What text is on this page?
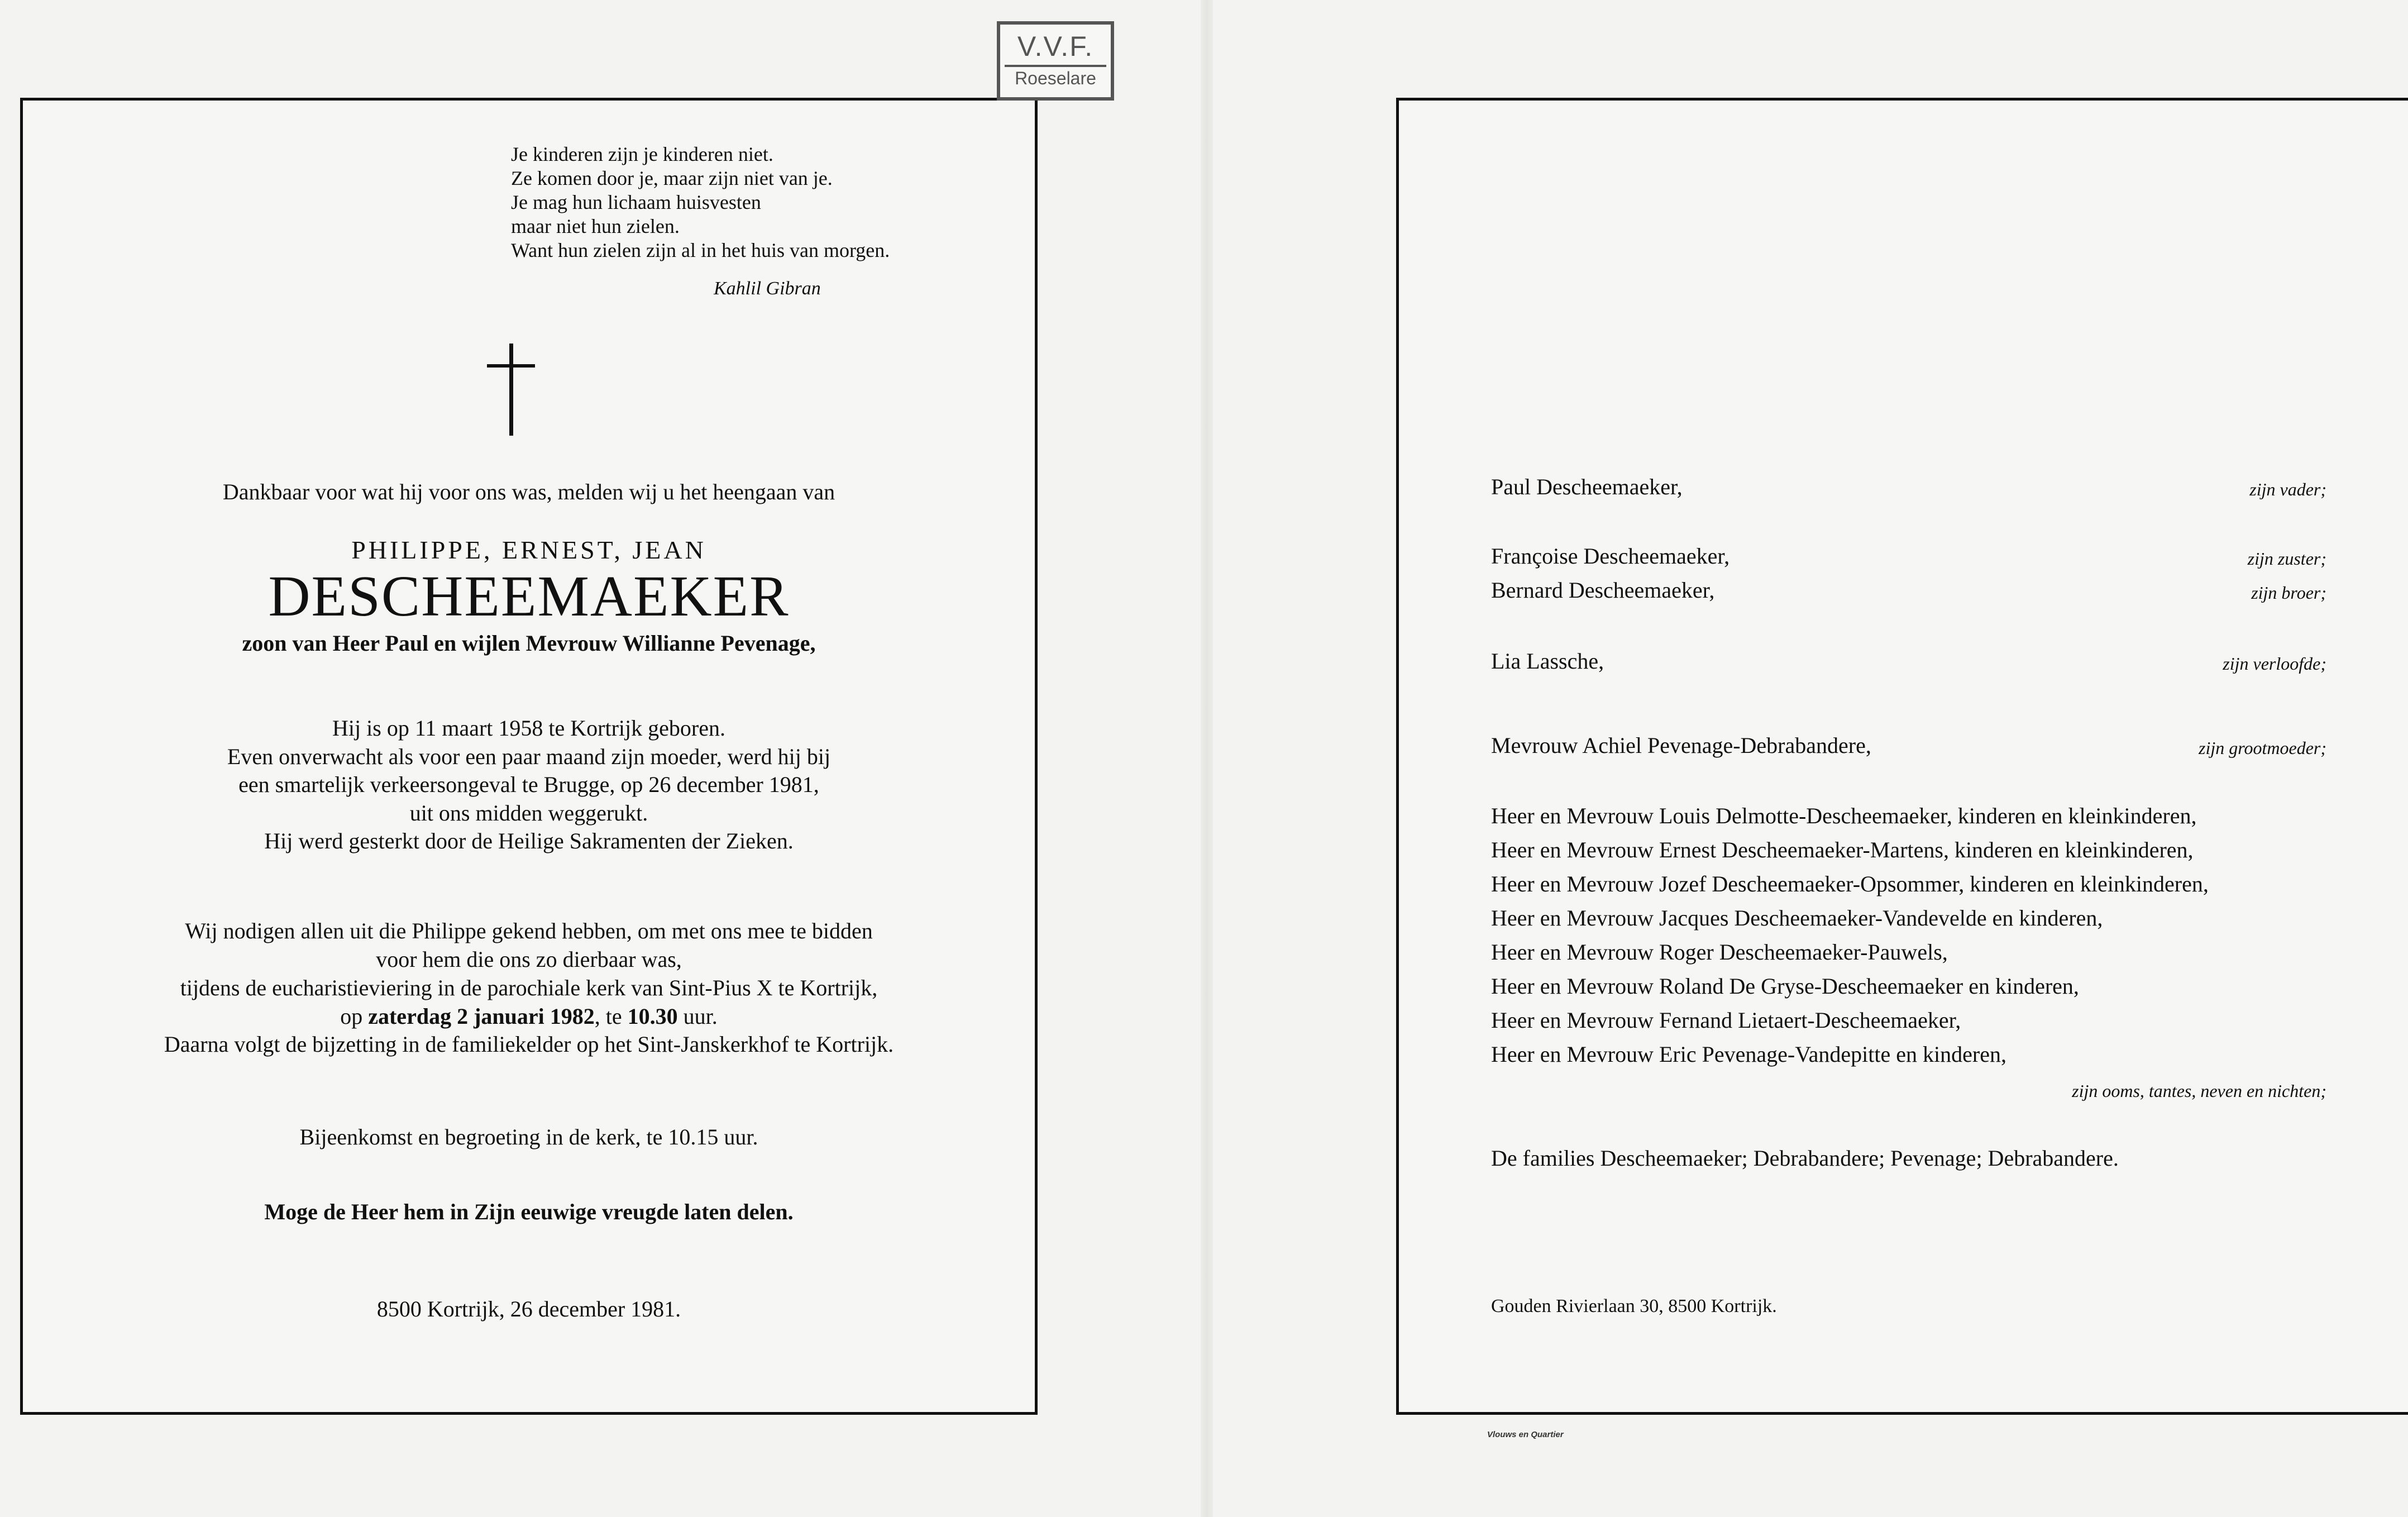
V.V.F.
Roeselare
Je kinderen zijn je kinderen niet.
Ze komen door je, maar zijn niet van je.
Je mag hun lichaam huisvesten
maar niet hun zielen.
Want hun zielen zijn al in het huis van morgen.
Kahlil Gibran
Dankbaar voor wat hij voor ons was, melden wij u het heengaan van
PHILIPPE, ERNEST, JEAN
DESCHEEMAEKER
zoon van Heer Paul en wijlen Mevrouw Willianne Pevenage,
Hij is op 11 maart 1958 te Kortrijk geboren.
Even onverwacht als voor een paar maand zijn moeder, werd hij bij
een smartelijk verkeersongeval te Brugge, op 26 december 1981,
uit ons midden weggerukt.
Hij werd gesterkt door de Heilige Sakramenten der Zieken.
Wij nodigen allen uit die Philippe gekend hebben, om met ons mee te bidden
voor hem die ons zo dierbaar was,
tijdens de eucharistieviering in de parochiale kerk van Sint-Pius X te Kortrijk,
op zaterdag 2 januari 1982, te 10.30 uur.
Daarna volgt de bijzetting in de familiekelder op het Sint-Janskerkhof te Kortrijk.
Bijeenkomst en begroeting in de kerk, te 10.15 uur.
Moge de Heer hem in Zijn eeuwige vreugde laten delen.
8500 Kortrijk, 26 december 1981.
Paul Descheemaeker,	zijn vader;
Françoise Descheemaeker,	zijn zuster;
Bernard Descheemaeker,	zijn broer;
Lia Lassche,	zijn verloofde;
Mevrouw Achiel Pevenage-Debrabandere,	zijn grootmoeder;
Heer en Mevrouw Louis Delmotte-Descheemaeker, kinderen en kleinkinderen,
Heer en Mevrouw Ernest Descheemaeker-Martens, kinderen en kleinkinderen,
Heer en Mevrouw Jozef Descheemaeker-Opsommer, kinderen en kleinkinderen,
Heer en Mevrouw Jacques Descheemaeker-Vandevelde en kinderen,
Heer en Mevrouw Roger Descheemaeker-Pauwels,
Heer en Mevrouw Roland De Gryse-Descheemaeker en kinderen,
Heer en Mevrouw Fernand Lietaert-Descheemaeker,
Heer en Mevrouw Eric Pevenage-Vandepitte en kinderen,
zijn ooms, tantes, neven en nichten;
De families Descheemaeker; Debrabandere; Pevenage; Debrabandere.
Gouden Rivierlaan 30, 8500 Kortrijk.
Vlouws en Quartier
